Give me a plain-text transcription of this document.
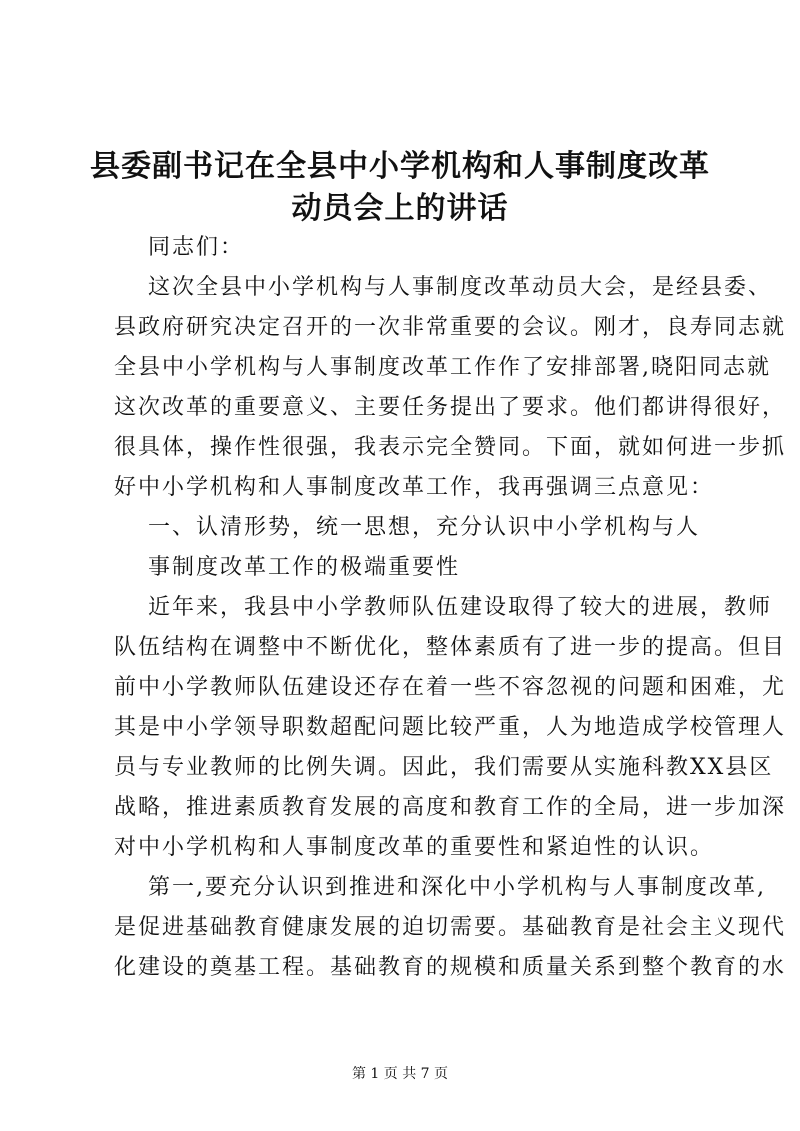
县委副书记在全县中小学机构和人事制度改革
动员会上的讲话
同志们：
这次全县中小学机构与人事制度改革动员大会，是经县委、
县政府研究决定召开的一次非常重要的会议。刚才，良寿同志就
全县中小学机构与人事制度改革工作作了安排部署,晓阳同志就
这次改革的重要意义、主要任务提出了要求。他们都讲得很好，
很具体，操作性很强，我表示完全赞同。下面，就如何进一步抓
好中小学机构和人事制度改革工作，我再强调三点意见：
一、认清形势，统一思想，充分认识中小学机构与人
事制度改革工作的极端重要性
近年来，我县中小学教师队伍建设取得了较大的进展，教师
队伍结构在调整中不断优化，整体素质有了进一步的提高。但目
前中小学教师队伍建设还存在着一些不容忽视的问题和困难，尤
其是中小学领导职数超配问题比较严重，人为地造成学校管理人
员与专业教师的比例失调。因此，我们需要从实施科教XX县区
战略，推进素质教育发展的高度和教育工作的全局，进一步加深
对中小学机构和人事制度改革的重要性和紧迫性的认识。
第一,要充分认识到推进和深化中小学机构与人事制度改革,
是促进基础教育健康发展的迫切需要。基础教育是社会主义现代
化建设的奠基工程。基础教育的规模和质量关系到整个教育的水
第 1 页 共 7 页
